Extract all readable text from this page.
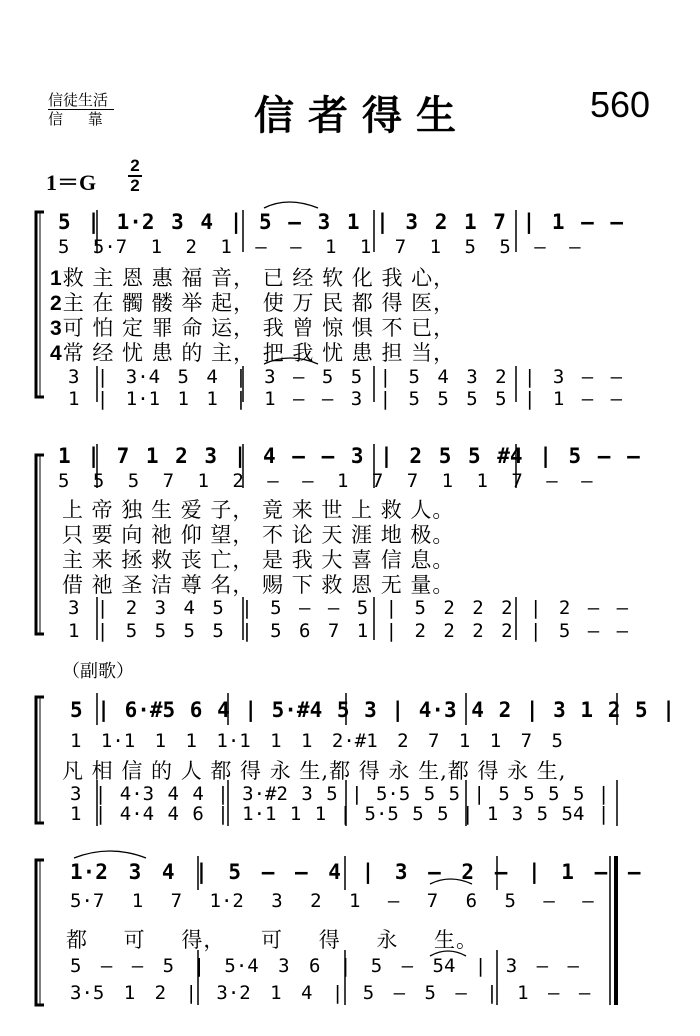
信徒生活
信 靠	信者得生	560
1＝G
2
2
5 | 1·2 3 4 | 5 – 3 1 | 3 2 1 7 | 1 – –
5 5·7 1 2 1 – – 1 1 7 1 5 5 – –
1救 主 恩 惠 福 音， 已 经 软 化 我 心，
2主 在 髑 髅 举 起， 使 万 民 都 得 医，
3可 怕 定 罪 命 运， 我 曾 惊 惧 不 已，
4常 经 忧 患 的 主， 把 我 忧 患 担 当，
3 | 3·4 5 4 | 3 – 5 5 | 5 4 3 2 | 3 – –
1 | 1·1 1 1 | 1 – – 3 | 5 5 5 5 | 1 – –
1 | 7 1 2 3 | 4 – – 3 | 2 5 5 #4 | 5 – –
5 5 5 7 1 2 – – 1 7 7 1 1 7 – –
上 帝 独 生 爱 子， 竟 来 世 上 救 人。
只 要 向 祂 仰 望， 不 论 天 涯 地 极。
主 来 拯 救 丧 亡， 是 我 大 喜 信 息。
借 祂 圣 洁 尊 名， 赐 下 救 恩 无 量。
3 | 2 3 4 5 | 5 – – 5 | 5 2 2 2 | 2 – –
1 | 5 5 5 5 | 5 6 7 1 | 2 2 2 2 | 5 – –
（副歌）
5 | 6·#5 6 4 | 5·#4 5 3 | 4·3 4 2 | 3 1 2 5 |
1 1·1 1 1 1·1 1 1 2·#1 2 7 1 1 7 5
凡 相 信 的 人 都 得 永 生,都 得 永 生,都 得 永 生,
3 | 4·3 4 4 | 3·#2 3 5 | 5·5 5 5 | 5 5 5 5 |
1 | 4·4 4 6 | 1·1 1 1 | 5·5 5 5 | 1 3 5 54 |
1·2 3 4 | 5 – – 4 | 3 – 2 – | 1 – –
5·7 1 7 1·2 3 2 1 – 7 6 5 – –
都 可 得， 可 得 永 生。
5 – – 5 | 5·4 3 6 | 5 – 54 | 3 – –
3·5 1 2 | 3·2 1 4 | 5 – 5 – | 1 – –
